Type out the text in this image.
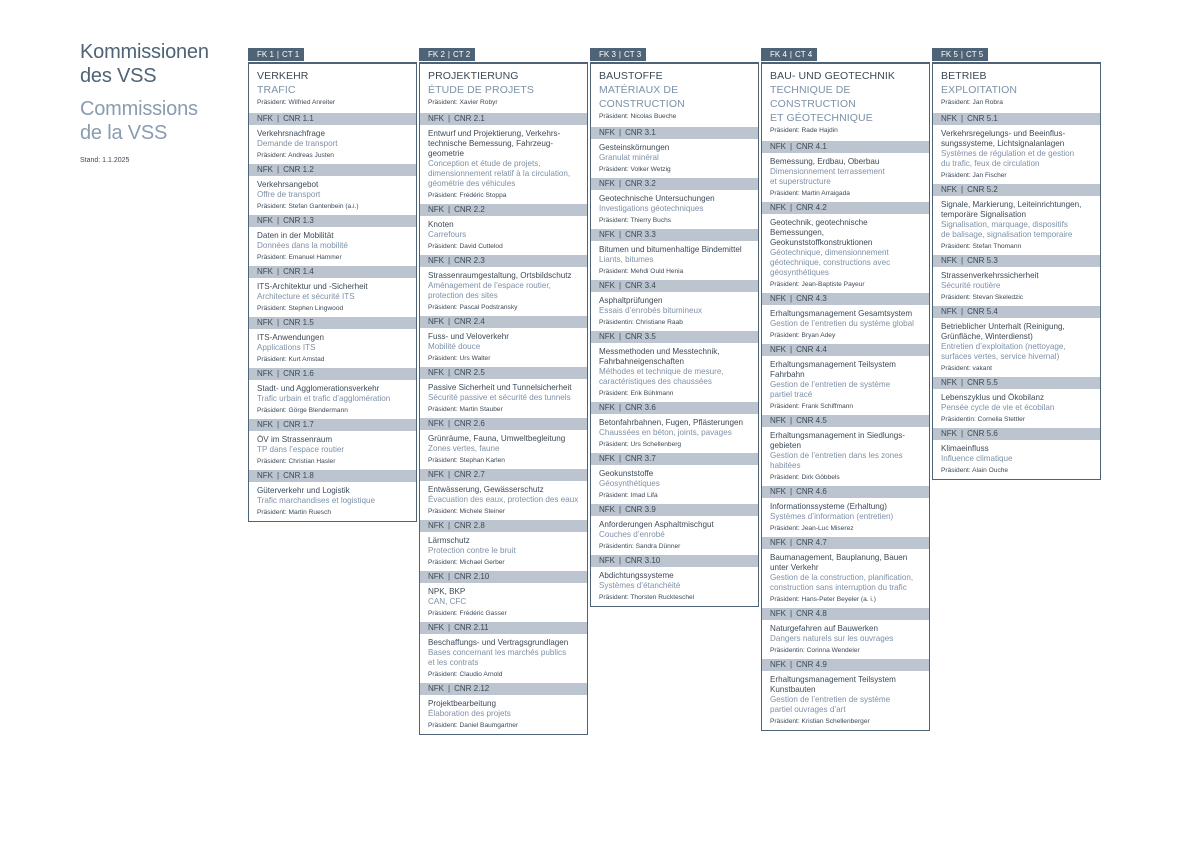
Kommissionen
des VSS
Commissions
de la VSS
Stand: 1.1.2025
FK 1 | CT 1
VERKEHR
TRAFIC
Präsident: Wilfried Anreiter
NFK | CNR 1.1
Verkehrsnachfrage
Demande de transport
Präsident: Andreas Justen
NFK | CNR 1.2
Verkehrsangebot
Offre de transport
Präsident: Stefan Gantenbein (a.i.)
NFK | CNR 1.3
Daten in der Mobilität
Données dans la mobilité
Präsident: Emanuel Hammer
NFK | CNR 1.4
ITS-Architektur und -Sicherheit
Architecture et sécurité ITS
Präsident: Stephen Lingwood
NFK | CNR 1.5
ITS-Anwendungen
Applications ITS
Präsident: Kurt Amstad
NFK | CNR 1.6
Stadt- und Agglomerationsverkehr
Trafic urbain et trafic d’agglomération
Präsident: Görge Blendermann
NFK | CNR 1.7
ÖV im Strassenraum
TP dans l’espace routier
Präsident: Christian Hasler
NFK | CNR 1.8
Güterverkehr und Logistik
Trafic marchandises et logistique
Präsident: Martin Ruesch
FK 2 | CT 2
PROJEKTIERUNG
ÉTUDE DE PROJETS
Präsident: Xavier Robyr
NFK | CNR 2.1
Entwurf und Projektierung, Verkehrs-
technische Bemessung, Fahrzeug-
geometrie
Conception et étude de projets,
dimensionnement relatif à la circulation,
géométrie des véhicules
Präsident: Frédéric Stoppa
NFK | CNR 2.2
Knoten
Carrefours
Präsident: David Cuttelod
NFK | CNR 2.3
Strassenraumgestaltung, Ortsbildschutz
Aménagement de l’espace routier,
protection des sites
Präsident: Pascal Podstransky
NFK | CNR 2.4
Fuss- und Veloverkehr
Mobilité douce
Präsident: Urs Walter
NFK | CNR 2.5
Passive Sicherheit und Tunnelsicherheit
Sécurité passive et sécurité des tunnels
Präsident: Martin Stauber
NFK | CNR 2.6
Grünräume, Fauna, Umweltbegleitung
Zones vertes, faune
Präsident: Stephan Karlen
NFK | CNR 2.7
Entwässerung, Gewässerschutz
Évacuation des eaux, protection des eaux
Präsident: Michele Steiner
NFK | CNR 2.8
Lärmschutz
Protection contre le bruit
Präsident: Michael Gerber
NFK | CNR 2.10
NPK, BKP
CAN, CFC
Präsident: Frédéric Gasser
NFK | CNR 2.11
Beschaffungs- und Vertragsgrundlagen
Bases concernant les marchés publics
et les contrats
Präsident: Claudio Arnold
NFK | CNR 2.12
Projektbearbeitung
Élaboration des projets
Präsident: Daniel Baumgartner
FK 3 | CT 3
BAUSTOFFE
MATÉRIAUX DE CONSTRUCTION
Präsident: Nicolas Bueche
NFK | CNR 3.1
Gesteinskörnungen
Granulat minéral
Präsident: Volker Wetzig
NFK | CNR 3.2
Geotechnische Untersuchungen
Investigations géotechniques
Präsident: Thierry Buchs
NFK | CNR 3.3
Bitumen und bitumenhaltige Bindemittel
Liants, bitumes
Präsident: Mehdi Ould Henia
NFK | CNR 3.4
Asphaltprüfungen
Essais d’enrobés bitumineux
Präsidentin: Christiane Raab
NFK | CNR 3.5
Messmethoden und Messtechnik,
Fahrbahneigenschaften
Méthodes et technique de mesure,
caractéristiques des chaussées
Präsident: Erik Bühlmann
NFK | CNR 3.6
Betonfahrbahnen, Fugen, Pflästerungen
Chaussées en béton, joints, pavages
Präsident: Urs Schellenberg
NFK | CNR 3.7
Geokunststoffe
Géosynthétiques
Präsident: Imad Lifa
NFK | CNR 3.9
Anforderungen Asphaltmischgut
Couches d’enrobé
Präsidentin: Sandra Dünner
NFK | CNR 3.10
Abdichtungssysteme
Systèmes d’étanchéité
Präsident: Thorsten Ruckteschel
FK 4 | CT 4
BAU- UND GEOTECHNIK
TECHNIQUE DE CONSTRUCTION
ET GÉOTECHNIQUE
Präsident: Rade Hajdin
NFK | CNR 4.1
Bemessung, Erdbau, Oberbau
Dimensionnement terrassement
et superstructure
Präsident: Martin Arraigada
NFK | CNR 4.2
Geotechnik, geotechnische Bemessungen,
Geokunststoffkonstruktionen
Géotechnique, dimensionnement
géotechnique, constructions avec
géosynthétiques
Präsident: Jean-Baptiste Payeur
NFK | CNR 4.3
Erhaltungsmanagement Gesamtsystem
Gestion de l’entretien du système global
Präsident: Bryan Adey
NFK | CNR 4.4
Erhaltungsmanagement Teilsystem
Fahrbahn
Gestion de l’entretien de système
partiel tracé
Präsident: Frank Schiffmann
NFK | CNR 4.5
Erhaltungsmanagement in Siedlungs-
gebieten
Gestion de l’entretien dans les zones
habitées
Präsident: Dirk Göbbels
NFK | CNR 4.6
Informationssysteme (Erhaltung)
Systèmes d’information (entretien)
Präsident: Jean-Luc Miserez
NFK | CNR 4.7
Baumanagement, Bauplanung, Bauen
unter Verkehr
Gestion de la construction, planification,
construction sans interruption du trafic
Präsident: Hans-Peter Beyeler (a. i.)
NFK | CNR 4.8
Naturgefahren auf Bauwerken
Dangers naturels sur les ouvrages
Präsidentin: Corinna Wendeler
NFK | CNR 4.9
Erhaltungsmanagement Teilsystem
Kunstbauten
Gestion de l’entretien de système
partiel ouvrages d’art
Präsident: Kristian Schellenberger
FK 5 | CT 5
BETRIEB
EXPLOITATION
Präsident: Jan Robra
NFK | CNR 5.1
Verkehrsregelungs- und Beeinflus-
sungssysteme, Lichtsignalanlagen
Systèmes de régulation et de gestion
du trafic, feux de circulation
Präsident: Jan Fischer
NFK | CNR 5.2
Signale, Markierung, Leiteinrichtungen,
temporäre Signalisation
Signalisation, marquage, dispositifs
de balisage, signalisation temporaire
Präsident: Stefan Thomann
NFK | CNR 5.3
Strassenverkehrssicherheit
Sécurité routière
Präsident: Stevan Skeledzic
NFK | CNR 5.4
Betrieblicher Unterhalt (Reinigung,
Grünfläche, Winterdienst)
Entretien d’exploitation (nettoyage,
surfaces vertes, service hivernal)
Präsident: vakant
NFK | CNR 5.5
Lebenszyklus und Ökobilanz
Pensée cycle de vie et écobilan
Präsidentin: Cornelia Stettler
NFK | CNR 5.6
Klimaeinfluss
Influence climatique
Präsident: Alain Ouche
